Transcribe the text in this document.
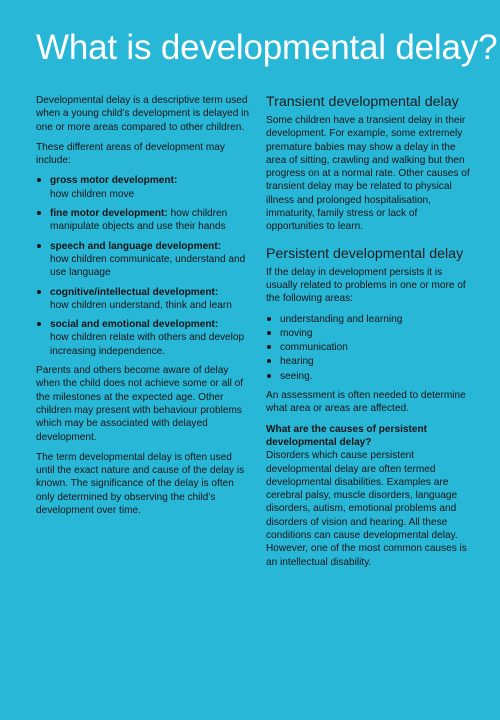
What is developmental delay?

Developmental delay is a descriptive term used when a young child’s development is delayed in one or more areas compared to other children.

These different areas of development may include:

gross motor development:
how children move
fine motor development: how children manipulate objects and use their hands
speech and language development:
how children communicate, understand and use language
cognitive/intellectual development:
how children understand, think and learn
social and emotional development:
how children relate with others and develop increasing independence.

Parents and others become aware of delay when the child does not achieve some or all of the milestones at the expected age. Other children may present with behaviour problems which may be associated with delayed development.

The term developmental delay is often used until the exact nature and cause of the delay is known. The significance of the delay is often only determined by observing the child’s development over time.

Transient developmental delay

Some children have a transient delay in their development. For example, some extremely premature babies may show a delay in the area of sitting, crawling and walking but then progress on at a normal rate. Other causes of transient delay may be related to physical illness and prolonged hospitalisation, immaturity, family stress or lack of opportunities to learn.

Persistent developmental delay

If the delay in development persists it is usually related to problems in one or more of the following areas:

understanding and learning
moving
communication
hearing
seeing.

An assessment is often needed to determine what area or areas are affected.

What are the causes of persistent developmental delay?

Disorders which cause persistent developmental delay are often termed developmental disabilities. Examples are cerebral palsy, muscle disorders, language disorders, autism, emotional problems and disorders of vision and hearing. All these conditions can cause developmental delay. However, one of the most common causes is an intellectual disability.
